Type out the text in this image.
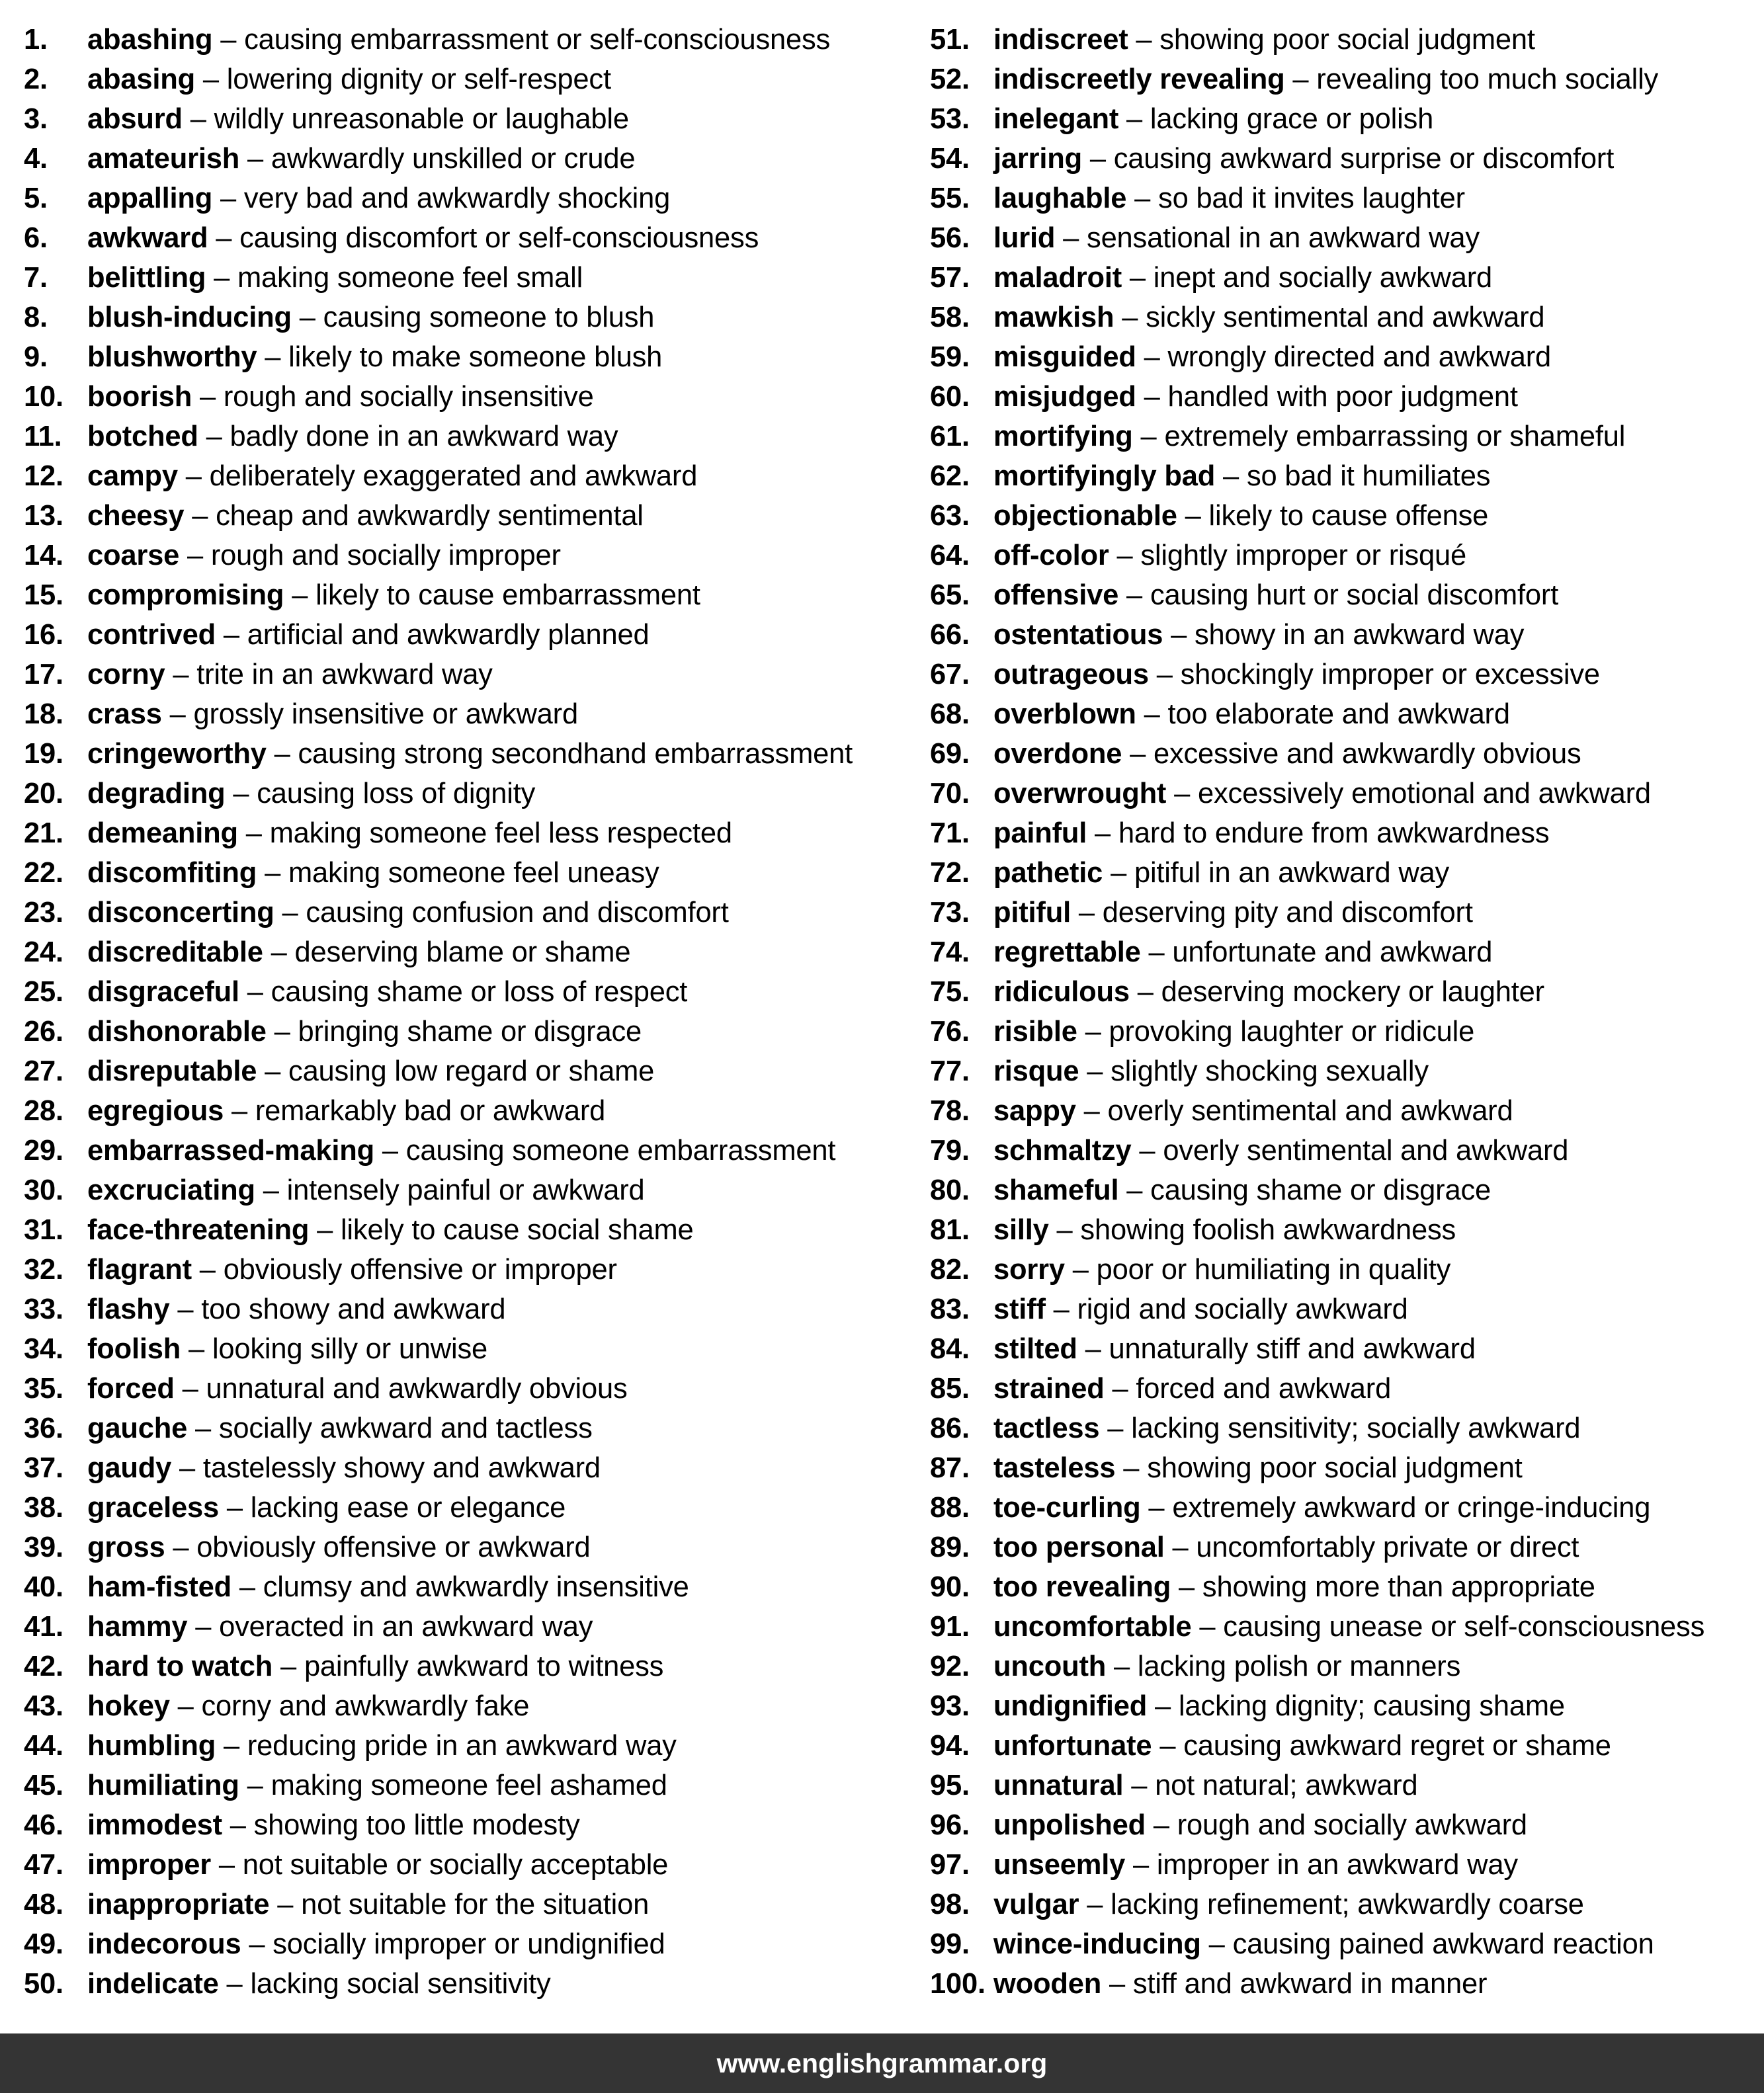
1. abashing – causing embarrassment or self-consciousness
2. abasing – lowering dignity or self-respect
3. absurd – wildly unreasonable or laughable
4. amateurish – awkwardly unskilled or crude
5. appalling – very bad and awkwardly shocking
6. awkward – causing discomfort or self-consciousness
7. belittling – making someone feel small
8. blush-inducing – causing someone to blush
9. blushworthy – likely to make someone blush
10. boorish – rough and socially insensitive
11. botched – badly done in an awkward way
12. campy – deliberately exaggerated and awkward
13. cheesy – cheap and awkwardly sentimental
14. coarse – rough and socially improper
15. compromising – likely to cause embarrassment
16. contrived – artificial and awkwardly planned
17. corny – trite in an awkward way
18. crass – grossly insensitive or awkward
19. cringeworthy – causing strong secondhand embarrassment
20. degrading – causing loss of dignity
21. demeaning – making someone feel less respected
22. discomfiting – making someone feel uneasy
23. disconcerting – causing confusion and discomfort
24. discreditable – deserving blame or shame
25. disgraceful – causing shame or loss of respect
26. dishonorable – bringing shame or disgrace
27. disreputable – causing low regard or shame
28. egregious – remarkably bad or awkward
29. embarrassed-making – causing someone embarrassment
30. excruciating – intensely painful or awkward
31. face-threatening – likely to cause social shame
32. flagrant – obviously offensive or improper
33. flashy – too showy and awkward
34. foolish – looking silly or unwise
35. forced – unnatural and awkwardly obvious
36. gauche – socially awkward and tactless
37. gaudy – tastelessly showy and awkward
38. graceless – lacking ease or elegance
39. gross – obviously offensive or awkward
40. ham-fisted – clumsy and awkwardly insensitive
41. hammy – overacted in an awkward way
42. hard to watch – painfully awkward to witness
43. hokey – corny and awkwardly fake
44. humbling – reducing pride in an awkward way
45. humiliating – making someone feel ashamed
46. immodest – showing too little modesty
47. improper – not suitable or socially acceptable
48. inappropriate – not suitable for the situation
49. indecorous – socially improper or undignified
50. indelicate – lacking social sensitivity
51. indiscreet – showing poor social judgment
52. indiscreetly revealing – revealing too much socially
53. inelegant – lacking grace or polish
54. jarring – causing awkward surprise or discomfort
55. laughable – so bad it invites laughter
56. lurid – sensational in an awkward way
57. maladroit – inept and socially awkward
58. mawkish – sickly sentimental and awkward
59. misguided – wrongly directed and awkward
60. misjudged – handled with poor judgment
61. mortifying – extremely embarrassing or shameful
62. mortifyingly bad – so bad it humiliates
63. objectionable – likely to cause offense
64. off-color – slightly improper or risqué
65. offensive – causing hurt or social discomfort
66. ostentatious – showy in an awkward way
67. outrageous – shockingly improper or excessive
68. overblown – too elaborate and awkward
69. overdone – excessive and awkwardly obvious
70. overwrought – excessively emotional and awkward
71. painful – hard to endure from awkwardness
72. pathetic – pitiful in an awkward way
73. pitiful – deserving pity and discomfort
74. regrettable – unfortunate and awkward
75. ridiculous – deserving mockery or laughter
76. risible – provoking laughter or ridicule
77. risque – slightly shocking sexually
78. sappy – overly sentimental and awkward
79. schmaltzy – overly sentimental and awkward
80. shameful – causing shame or disgrace
81. silly – showing foolish awkwardness
82. sorry – poor or humiliating in quality
83. stiff – rigid and socially awkward
84. stilted – unnaturally stiff and awkward
85. strained – forced and awkward
86. tactless – lacking sensitivity; socially awkward
87. tasteless – showing poor social judgment
88. toe-curling – extremely awkward or cringe-inducing
89. too personal – uncomfortably private or direct
90. too revealing – showing more than appropriate
91. uncomfortable – causing unease or self-consciousness
92. uncouth – lacking polish or manners
93. undignified – lacking dignity; causing shame
94. unfortunate – causing awkward regret or shame
95. unnatural – not natural; awkward
96. unpolished – rough and socially awkward
97. unseemly – improper in an awkward way
98. vulgar – lacking refinement; awkwardly coarse
99. wince-inducing – causing pained awkward reaction
100. wooden – stiff and awkward in manner
www.englishgrammar.org
